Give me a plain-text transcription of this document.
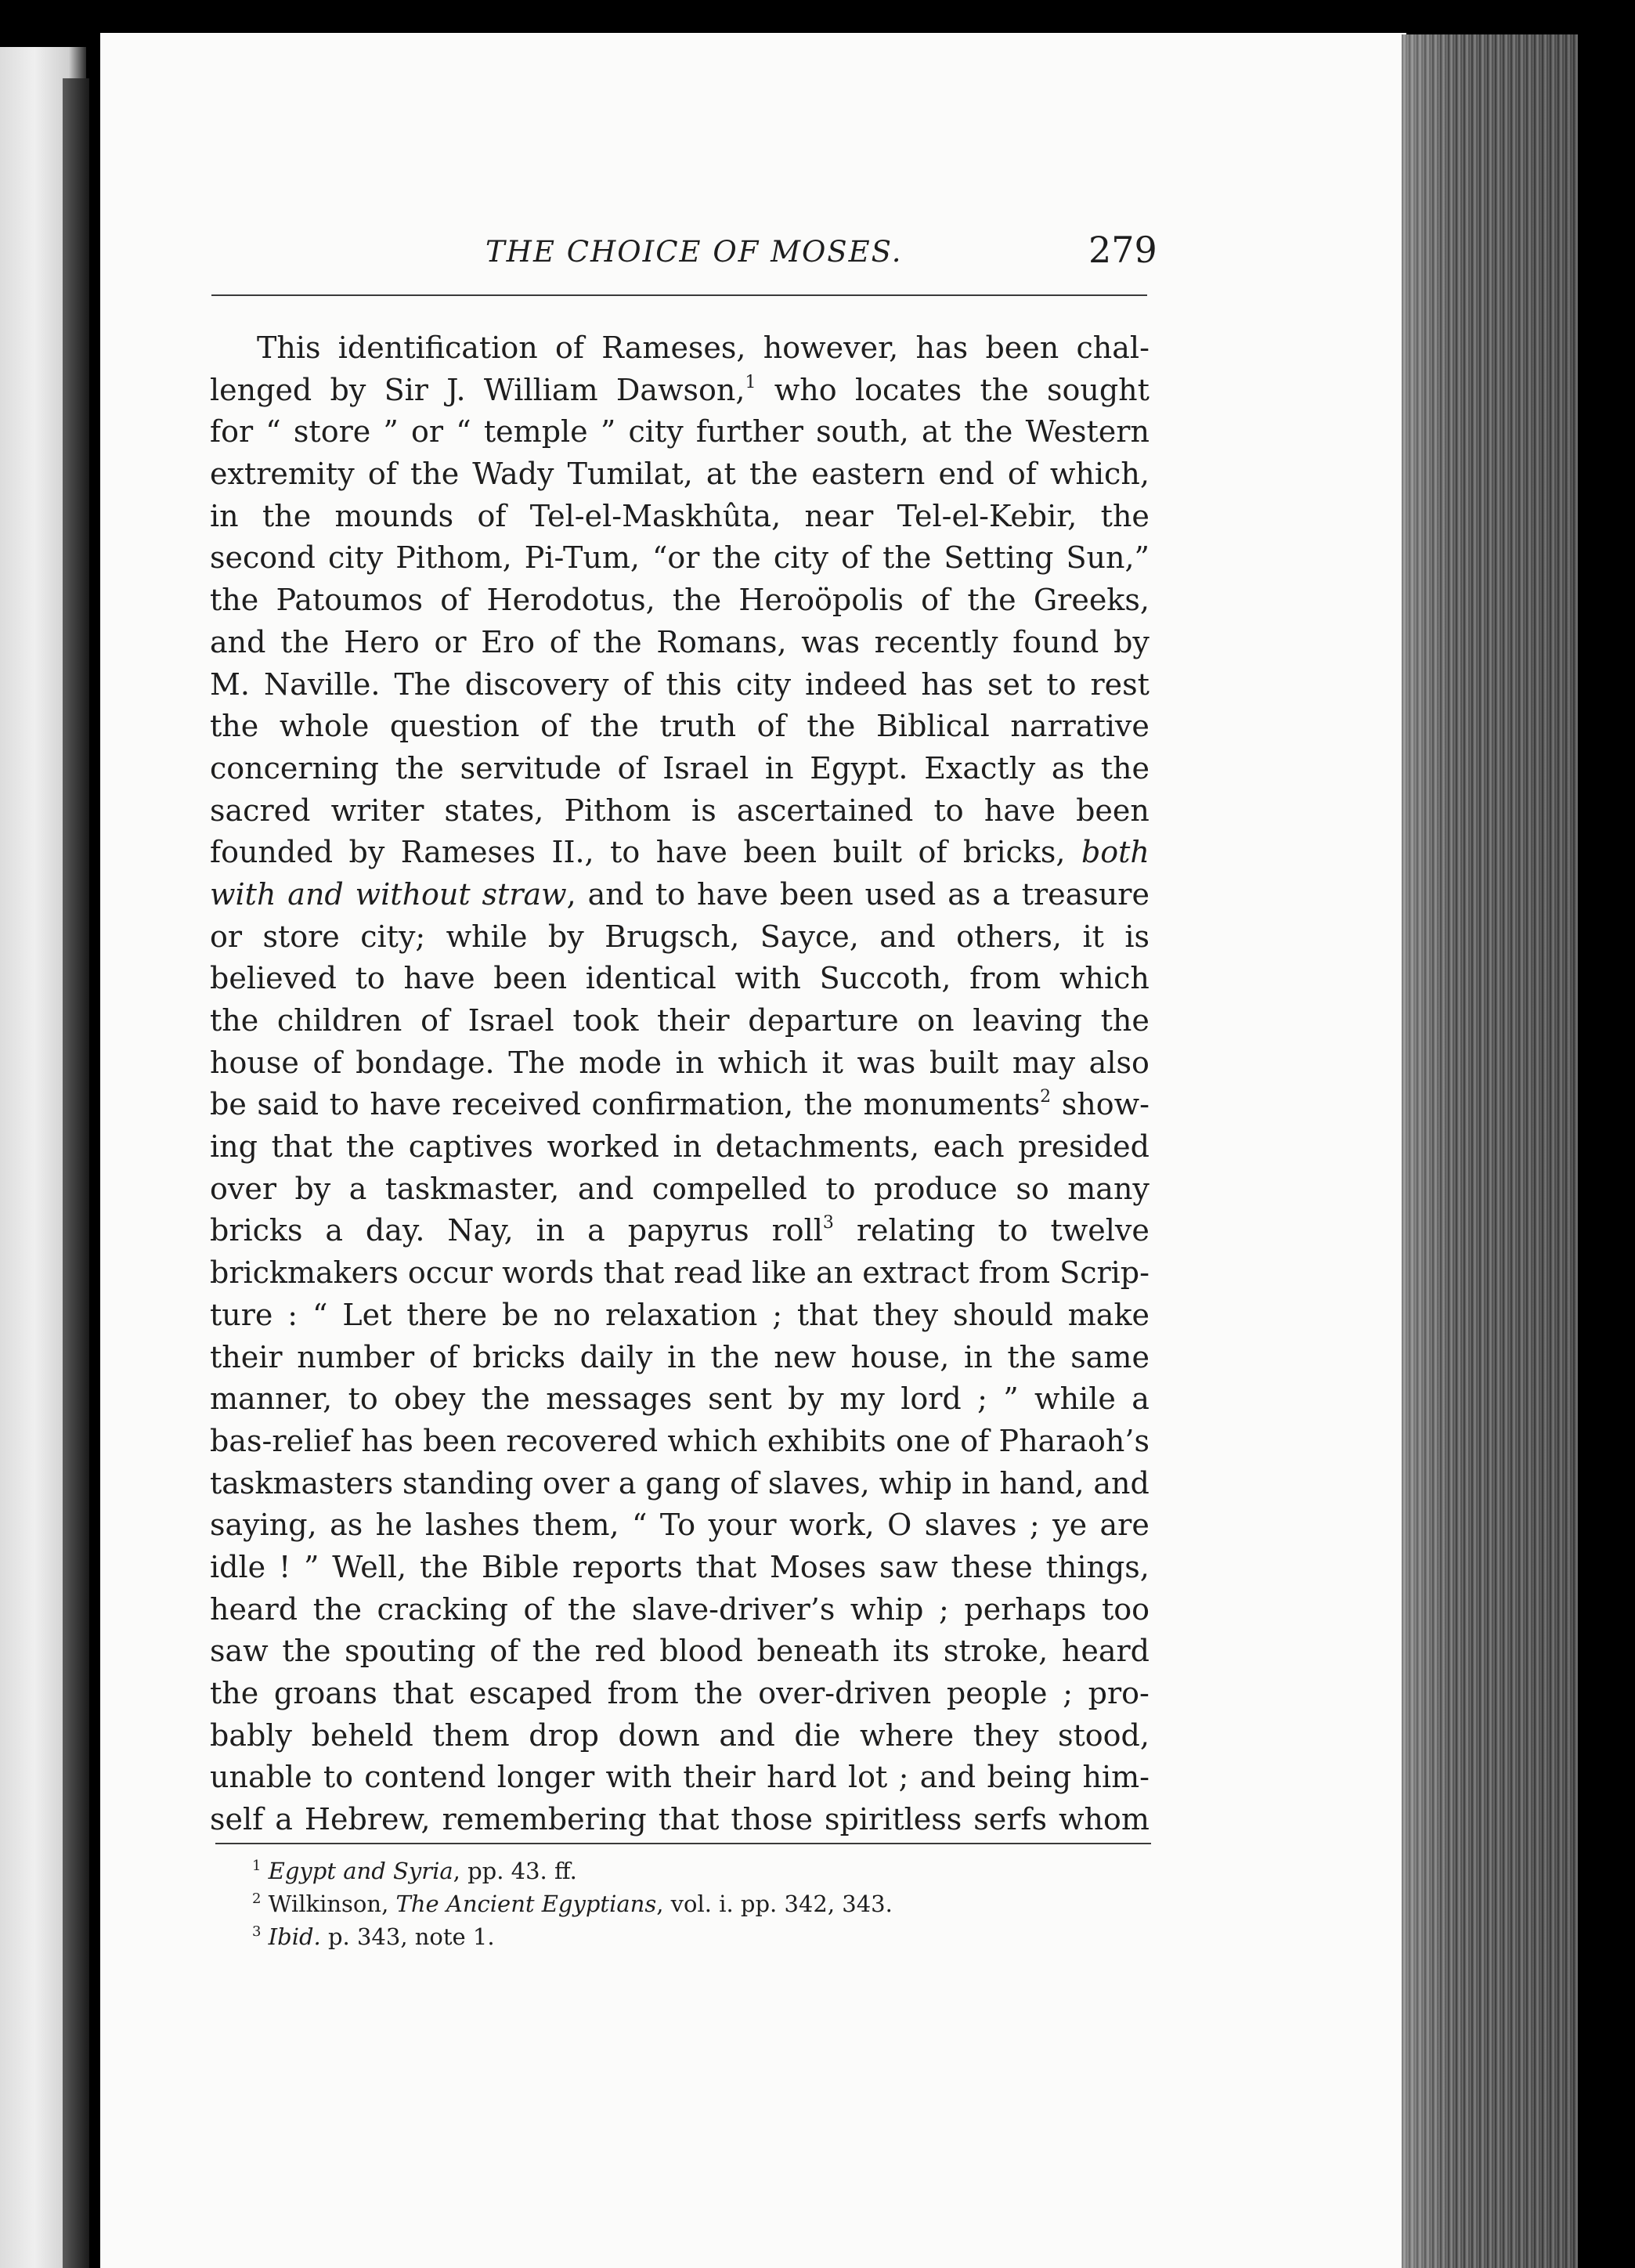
THE CHOICE OF MOSES.	279
This identification of Rameses, however, has been chal-
lenged by Sir J. William Dawson,$^1$ who locates the sought
for “ store ” or “ temple ” city further south, at the Western
extremity of the Wady Tumilat, at the eastern end of which,
in the mounds of Tel-el-Maskhûta, near Tel-el-Kebir, the
second city Pithom, Pi-Tum, “or the city of the Setting Sun,”
the Patoumos of Herodotus, the Heroöpolis of the Greeks,
and the Hero or Ero of the Romans, was recently found by
M. Naville. The discovery of this city indeed has set to rest
the whole question of the truth of the Biblical narrative
concerning the servitude of Israel in Egypt. Exactly as the
sacred writer states, Pithom is ascertained to have been
founded by Rameses II., to have been built of bricks, both
with and without straw, and to have been used as a treasure
or store city; while by Brugsch, Sayce, and others, it is
believed to have been identical with Succoth, from which
the children of Israel took their departure on leaving the
house of bondage. The mode in which it was built may also
be said to have received confirmation, the monuments$^2$ show-
ing that the captives worked in detachments, each presided
over by a taskmaster, and compelled to produce so many
bricks a day. Nay, in a papyrus roll$^3$ relating to twelve
brickmakers occur words that read like an extract from Scrip-
ture : “ Let there be no relaxation ; that they should make
their number of bricks daily in the new house, in the same
manner, to obey the messages sent by my lord ; ” while a
bas-relief has been recovered which exhibits one of Pharaoh’s
taskmasters standing over a gang of slaves, whip in hand, and
saying, as he lashes them, “ To your work, O slaves ; ye are
idle ! ” Well, the Bible reports that Moses saw these things,
heard the cracking of the slave-driver’s whip ; perhaps too
saw the spouting of the red blood beneath its stroke, heard
the groans that escaped from the over-driven people ; pro-
bably beheld them drop down and die where they stood,
unable to contend longer with their hard lot ; and being him-
self a Hebrew, remembering that those spiritless serfs whom
$^1$ Egypt and Syria, pp. 43. ff.
$^2$ Wilkinson, The Ancient Egyptians, vol. i. pp. 342, 343.
$^3$ Ibid. p. 343, note 1.
